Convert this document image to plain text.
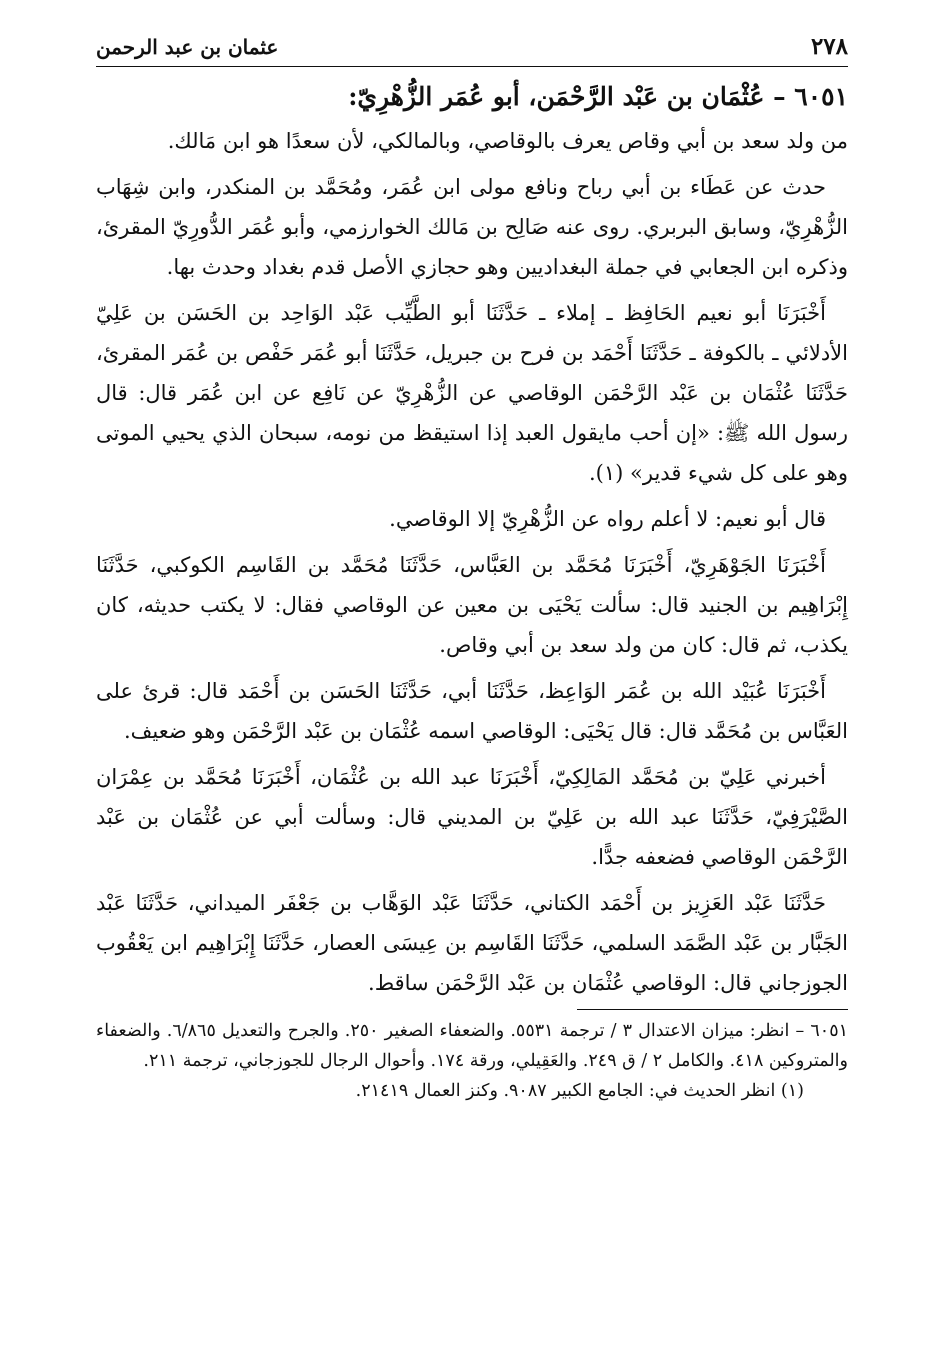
٢٧٨
عثمان بن عبد الرحمن
٦٠٥١ – عُثْمَان بن عَبْد الرَّحْمَن، أبو عُمَر الزُّهْرِيّ:

من ولد سعد بن أبي وقاص يعرف بالوقاصي، وبالمالكي، لأن سعدًا هو ابن مَالك.

حدث عن عَطَاء بن أبي رباح ونافع مولى ابن عُمَر، ومُحَمَّد بن المنكدر، وابن شِهَاب الزُّهْرِيّ، وسابق البربري. روى عنه صَالِح بن مَالك الخوارزمي، وأبو عُمَر الدُّورِيّ المقرئ، وذكره ابن الجعابي في جملة البغداديين وهو حجازي الأصل قدم بغداد وحدث بها.

أَخْبَرَنَا أبو نعيم الحَافِظ ـ إملاء ـ حَدَّثَنَا أبو الطَّيِّب عَبْد الوَاحِد بن الحَسَن بن عَلِيّ الأدلائي ـ بالكوفة ـ حَدَّثَنَا أَحْمَد بن فرح بن جبريل، حَدَّثَنَا أبو عُمَر حَفْص بن عُمَر المقرئ، حَدَّثَنَا عُثْمَان بن عَبْد الرَّحْمَن الوقاصي عن الزُّهْرِيّ عن نَافِع عن ابن عُمَر قال: قال رسول الله ﷺ: «إن أحب مايقول العبد إذا استيقظ من نومه، سبحان الذي يحيي الموتى وهو على كل شيء قدير» (١).

قال أبو نعيم: لا أعلم رواه عن الزُّهْرِيّ إلا الوقاصي.

أَخْبَرَنَا الجَوْهَرِيّ، أَخْبَرَنَا مُحَمَّد بن العَبَّاس، حَدَّثَنَا مُحَمَّد بن القَاسِم الكوكبي، حَدَّثَنَا إِبْرَاهِيم بن الجنيد قال: سألت يَحْيَى بن معين عن الوقاصي فقال: لا يكتب حديثه، كان يكذب، ثم قال: كان من ولد سعد بن أبي وقاص.

أَخْبَرَنَا عُبَيْد الله بن عُمَر الوَاعِظ، حَدَّثَنَا أبي، حَدَّثَنَا الحَسَن بن أَحْمَد قال: قرئ على العَبَّاس بن مُحَمَّد قال: قال يَحْيَى: الوقاصي اسمه عُثْمَان بن عَبْد الرَّحْمَن وهو ضعيف.

أخبرني عَلِيّ بن مُحَمَّد المَالِكِيّ، أَخْبَرَنَا عبد الله بن عُثْمَان، أَخْبَرَنَا مُحَمَّد بن عِمْرَان الصَّيْرَفِيّ، حَدَّثَنَا عبد الله بن عَلِيّ بن المديني قال: وسألت أبي عن عُثْمَان بن عَبْد الرَّحْمَن الوقاصي فضعفه جدًّا.

حَدَّثَنَا عَبْد العَزِيز بن أَحْمَد الكتاني، حَدَّثَنَا عَبْد الوَهَّاب بن جَعْفَر الميداني، حَدَّثَنَا عَبْد الجَبَّار بن عَبْد الصَّمَد السلمي، حَدَّثَنَا القَاسِم بن عِيسَى العصار، حَدَّثَنَا إِبْرَاهِيم ابن يَعْقُوب الجوزجاني قال: الوقاصي عُثْمَان بن عَبْد الرَّحْمَن ساقط.

٦٠٥١ – انظر: ميزان الاعتدال ٣ / ترجمة ٥٥٣١. والضعفاء الصغير ٢٥٠. والجرح والتعديل ٦/٨٦٥. والضعفاء والمتروكين ٤١٨. والكامل ٢ / ق ٢٤٩. والعَقِيلي، ورقة ١٧٤. وأحوال الرجال للجوزجاني، ترجمة ٢١١.

(١) انظر الحديث في: الجامع الكبير ٩٠٨٧. وكنز العمال ٢١٤١٩.
